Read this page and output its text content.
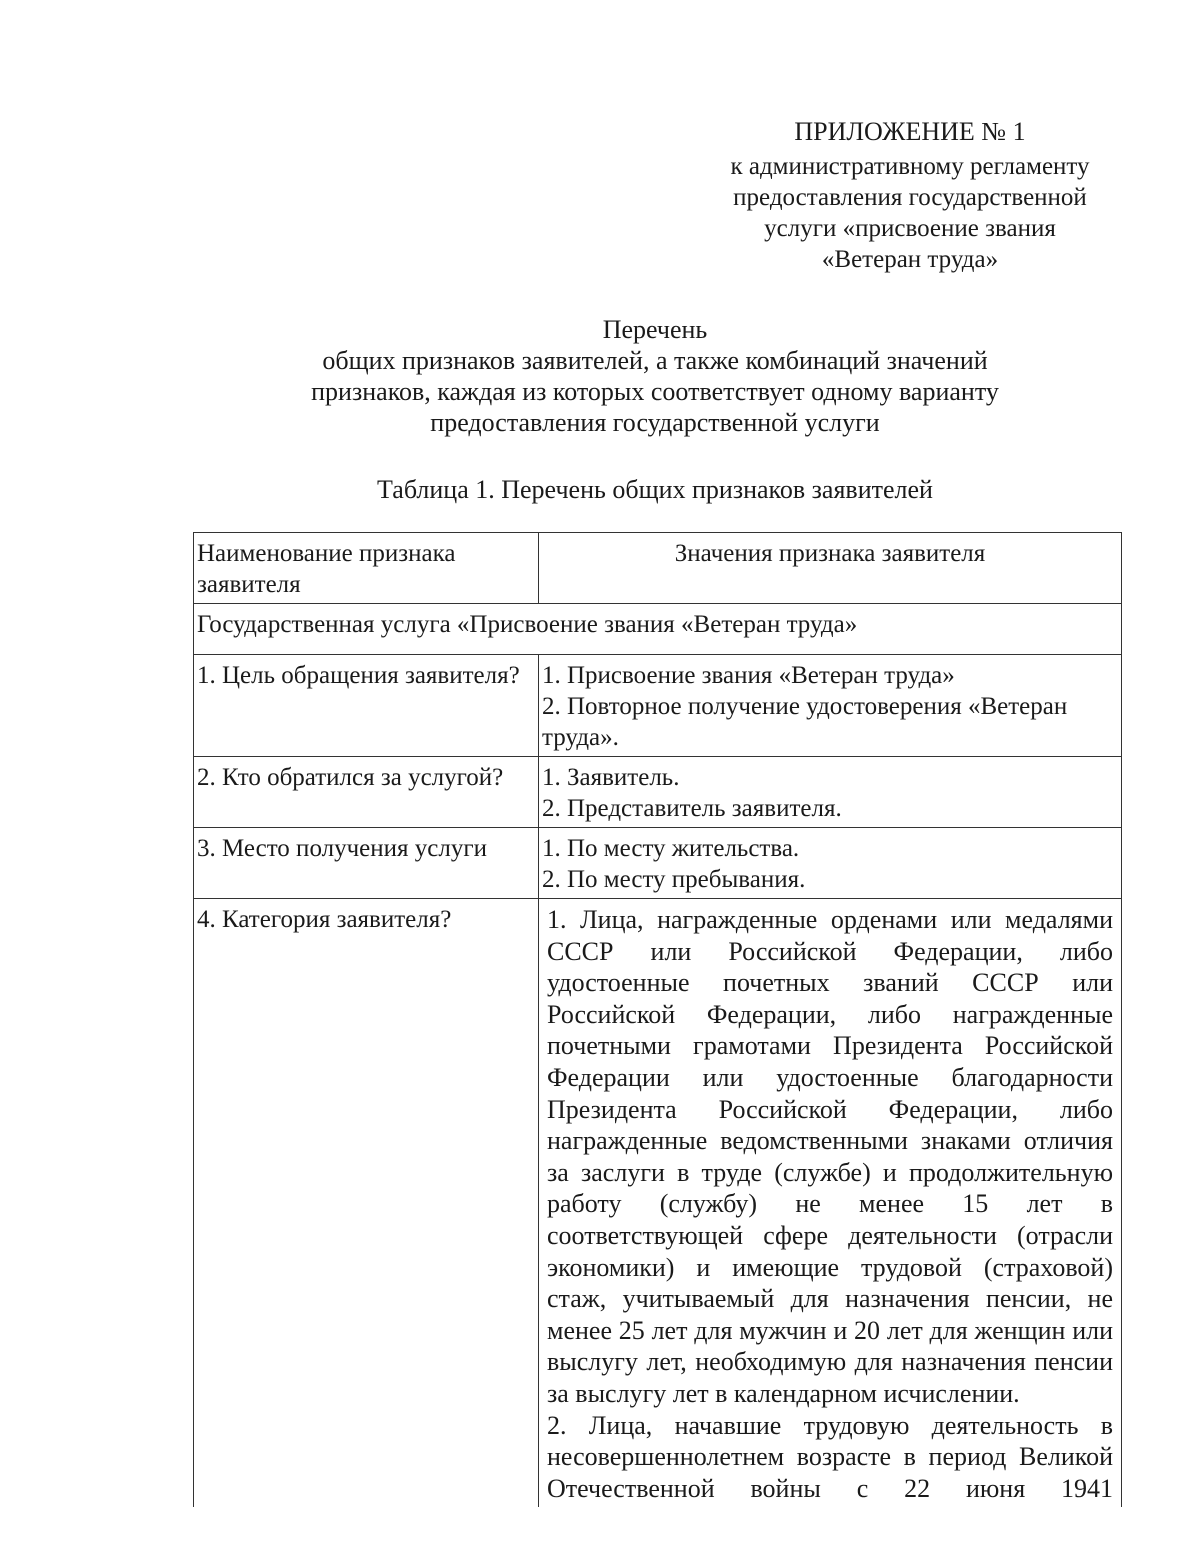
ПРИЛОЖЕНИЕ № 1
к административному регламенту
предоставления государственной
услуги «присвоение звания
«Ветеран труда»
Перечень
общих признаков заявителей, а также комбинаций значений
признаков, каждая из которых соответствует одному варианту
предоставления государственной услуги
Таблица 1. Перечень общих признаков заявителей
Наименование признака заявителя	Значения признака заявителя
Государственная услуга «Присвоение звания «Ветеран труда»	
1. Цель обращения заявителя?	1. Присвоение звания «Ветеран труда»
2. Повторное получение удостоверения «Ветеран труда».

2. Кто обратился за услугой?	1. Заявитель.
2. Представитель заявителя.

3. Место получения услуги	1. По месту жительства.
2. По месту пребывания.

4. Категория заявителя?	1. Лица, награжденные орденами или медалями СССР или Российской Федерации, либо удостоенные почетных званий СССР или Российской Федерации, либо награжденные почетными грамотами Президента Российской Федерации или удостоенные благодарности Президента Российской Федерации, либо награжденные ведомственными знаками отличия за заслуги в труде (службе) и продолжительную работу (службу) не менее 15 лет в соответствующей сфере деятельности (отрасли экономики) и имеющие трудовой (страховой) стаж, учитываемый для назначения пенсии, не менее 25 лет для мужчин и 20 лет для женщин или выслугу лет, необходимую для назначения пенсии за выслугу лет в календарном исчислении.
2. Лица, начавшие трудовую деятельность в несовершеннолетнем возрасте в период Великой Отечественной войны с 22 июня 1941
